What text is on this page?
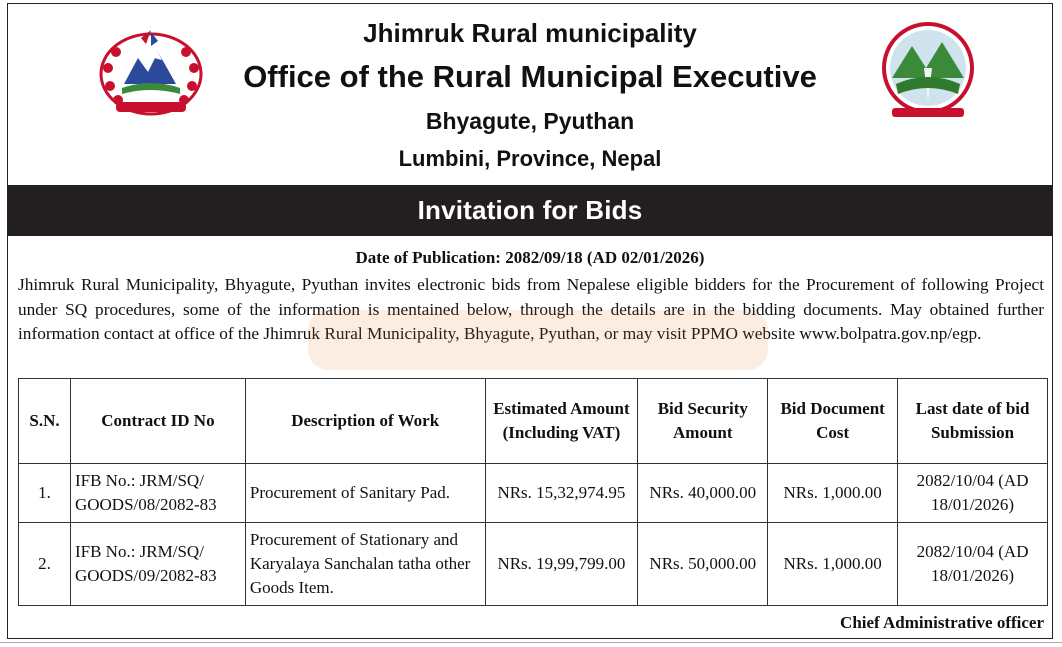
Jhimruk Rural municipality
Office of the Rural Municipal Executive
Bhyagute, Pyuthan
Lumbini, Province, Nepal
Invitation for Bids
Date of Publication: 2082/09/18 (AD 02/01/2026)
Jhimruk Rural Municipality, Bhyagute, Pyuthan invites electronic bids from Nepalese eligible bidders for the Procurement of following Project under SQ procedures, some of the information is mentained below, through the details are in the bidding documents. May obtained further information contact at office of the Jhimruk Rural Municipality, Bhyagute, Pyuthan, or may visit PPMO website www.bolpatra.gov.np/egp.
S.N.	Contract ID No	Description of Work	Estimated Amount (Including VAT)	Bid Security Amount	Bid Document Cost	Last date of bid Submission
1.	IFB No.: JRM/SQ/ GOODS/08/2082-83	Procurement of Sanitary Pad.	NRs. 15,32,974.95	NRs. 40,000.00	NRs. 1,000.00	2082/10/04 (AD 18/01/2026)
2.	IFB No.: JRM/SQ/ GOODS/09/2082-83	Procurement of Stationary and Karyalaya Sanchalan tatha other Goods Item.	NRs. 19,99,799.00	NRs. 50,000.00	NRs. 1,000.00	2082/10/04 (AD 18/01/2026)
Chief Administrative officer
